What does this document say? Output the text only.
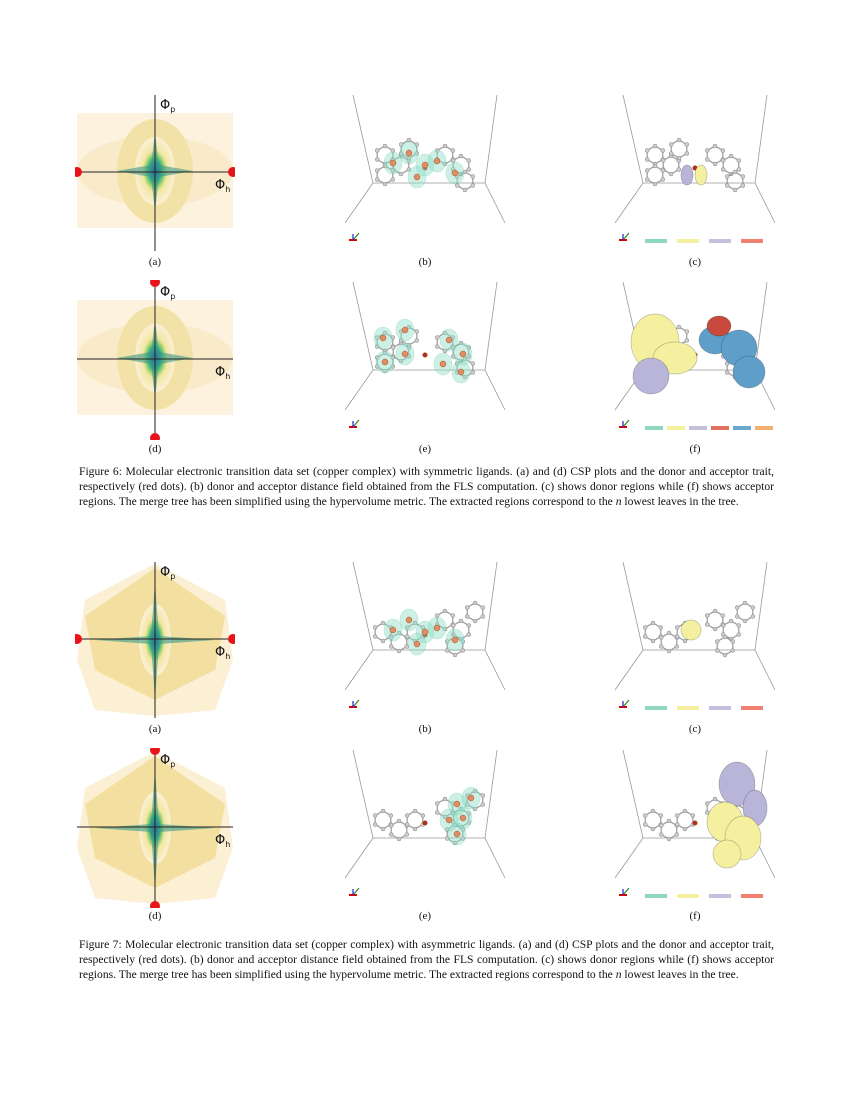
$\Phi_p$
$\Phi_h$
(a)	(b)	(c)
$\Phi_p$
$\Phi_h$
(d)	(e)	(f)

Figure 6: Molecular electronic transition data set (copper complex) with symmetric ligands. (a) and (d) CSP plots and the donor and acceptor trait, respectively (red dots). (b) donor and acceptor distance field obtained from the FLS computation. (c) shows donor regions while (f) shows acceptor regions. The merge tree has been simplified using the hypervolume metric. The extracted regions correspond to the n lowest leaves in the tree.

$\Phi_p$
$\Phi_h$
(a)	(b)	(c)
$\Phi_p$
$\Phi_h$
(d)	(e)	(f)

Figure 7: Molecular electronic transition data set (copper complex) with asymmetric ligands. (a) and (d) CSP plots and the donor and acceptor trait, respectively (red dots). (b) donor and acceptor distance field obtained from the FLS computation. (c) shows donor regions while (f) shows acceptor regions. The merge tree has been simplified using the hypervolume metric. The extracted regions correspond to the n lowest leaves in the tree.
